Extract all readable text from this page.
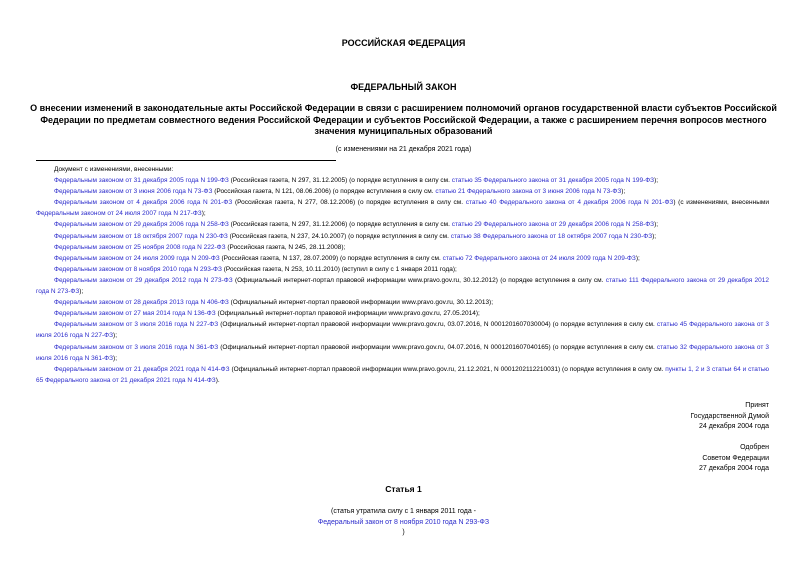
РОССИЙСКАЯ ФЕДЕРАЦИЯ
ФЕДЕРАЛЬНЫЙ ЗАКОН
О внесении изменений в законодательные акты Российской Федерации в связи с расширением полномочий органов государственной власти субъектов Российской Федерации по предметам совместного ведения Российской Федерации и субъектов Российской Федерации, а также с расширением перечня вопросов местного значения муниципальных образований
(с изменениями на 21 декабря 2021 года)

Документ с изменениями, внесенными:

Федеральным законом от 31 декабря 2005 года N 199-ФЗ (Российская газета, N 297, 31.12.2005) (о порядке вступления в силу см. статью 35 Федерального закона от 31 декабря 2005 года N 199-ФЗ);

Федеральным законом от 3 июня 2006 года N 73-ФЗ (Российская газета, N 121, 08.06.2006) (о порядке вступления в силу см. статью 21 Федерального закона от 3 июня 2006 года N 73-ФЗ);

Федеральным законом от 4 декабря 2006 года N 201-ФЗ (Российская газета, N 277, 08.12.2006) (о порядке вступления в силу см. статью 40 Федерального закона от 4 декабря 2006 года N 201-ФЗ) (с изменениями, внесенными Федеральным законом от 24 июля 2007 года N 217-ФЗ);

Федеральным законом от 29 декабря 2006 года N 258-ФЗ (Российская газета, N 297, 31.12.2006) (о порядке вступления в силу см. статью 29 Федерального закона от 29 декабря 2006 года N 258-ФЗ);

Федеральным законом от 18 октября 2007 года N 230-ФЗ (Российская газета, N 237, 24.10.2007) (о порядке вступления в силу см. статью 38 Федерального закона от 18 октября 2007 года N 230-ФЗ);

Федеральным законом от 25 ноября 2008 года N 222-ФЗ (Российская газета, N 245, 28.11.2008);

Федеральным законом от 24 июля 2009 года N 209-ФЗ (Российская газета, N 137, 28.07.2009) (о порядке вступления в силу см. статью 72 Федерального закона от 24 июля 2009 года N 209-ФЗ);

Федеральным законом от 8 ноября 2010 года N 293-ФЗ (Российская газета, N 253, 10.11.2010) (вступил в силу с 1 января 2011 года);

Федеральным законом от 29 декабря 2012 года N 273-ФЗ (Официальный интернет-портал правовой информации www.pravo.gov.ru, 30.12.2012) (о порядке вступления в силу см. статью 111 Федерального закона от 29 декабря 2012 года N 273-ФЗ);

Федеральным законом от 28 декабря 2013 года N 406-ФЗ (Официальный интернет-портал правовой информации www.pravo.gov.ru, 30.12.2013);

Федеральным законом от 27 мая 2014 года N 136-ФЗ (Официальный интернет-портал правовой информации www.pravo.gov.ru, 27.05.2014);

Федеральным законом от 3 июля 2016 года N 227-ФЗ (Официальный интернет-портал правовой информации www.pravo.gov.ru, 03.07.2016, N 0001201607030004) (о порядке вступления в силу см. статью 45 Федерального закона от 3 июля 2016 года N 227-ФЗ);

Федеральным законом от 3 июля 2016 года N 361-ФЗ (Официальный интернет-портал правовой информации www.pravo.gov.ru, 04.07.2016, N 0001201607040165) (о порядке вступления в силу см. статью 32 Федерального закона от 3 июля 2016 года N 361-ФЗ);

Федеральным законом от 21 декабря 2021 года N 414-ФЗ (Официальный интернет-портал правовой информации www.pravo.gov.ru, 21.12.2021, N 0001202112210031) (о порядке вступления в силу см. пункты 1, 2 и 3 статьи 64 и статью 65 Федерального закона от 21 декабря 2021 года N 414-ФЗ).

Принят
Государственной Думой
24 декабря 2004 года
Одобрен
Советом Федерации
27 декабря 2004 года
Статья 1
(статья утратила силу с 1 января 2011 года -
Федеральный закон от 8 ноября 2010 года N 293-ФЗ
)
